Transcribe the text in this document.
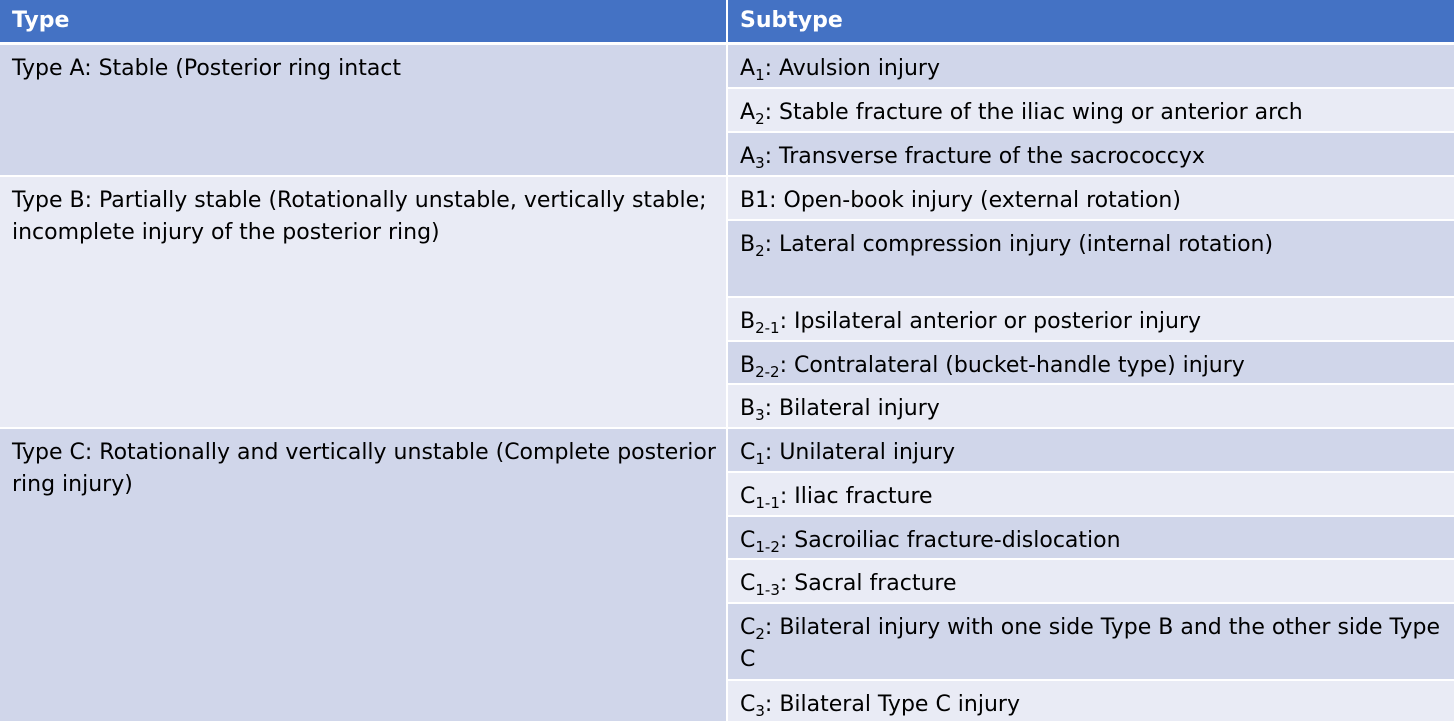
Type	Subtype
Type A: Stable (Posterior ring intact	$A_1$: Avulsion injury
	$A_2$: Stable fracture of the iliac wing or anterior arch
	$A_3$: Transverse fracture of the sacrococcyx
Type B: Partially stable (Rotationally unstable, vertically stable; incomplete injury of the posterior ring)	B1: Open-book injury (external rotation)
	$B_2$: Lateral compression injury (internal rotation)
	$B_{2-1}$: Ipsilateral anterior or posterior injury
	$B_{2-2}$: Contralateral (bucket-handle type) injury
	$B_3$: Bilateral injury
Type C: Rotationally and vertically unstable (Complete posterior ring injury)	$C_1$: Unilateral injury
	$C_{1-1}$: Iliac fracture
	$C_{1-2}$: Sacroiliac fracture-dislocation
	$C_{1-3}$: Sacral fracture
	$C_2$: Bilateral injury with one side Type B and the other side Type C
	$C_3$: Bilateral Type C injury
